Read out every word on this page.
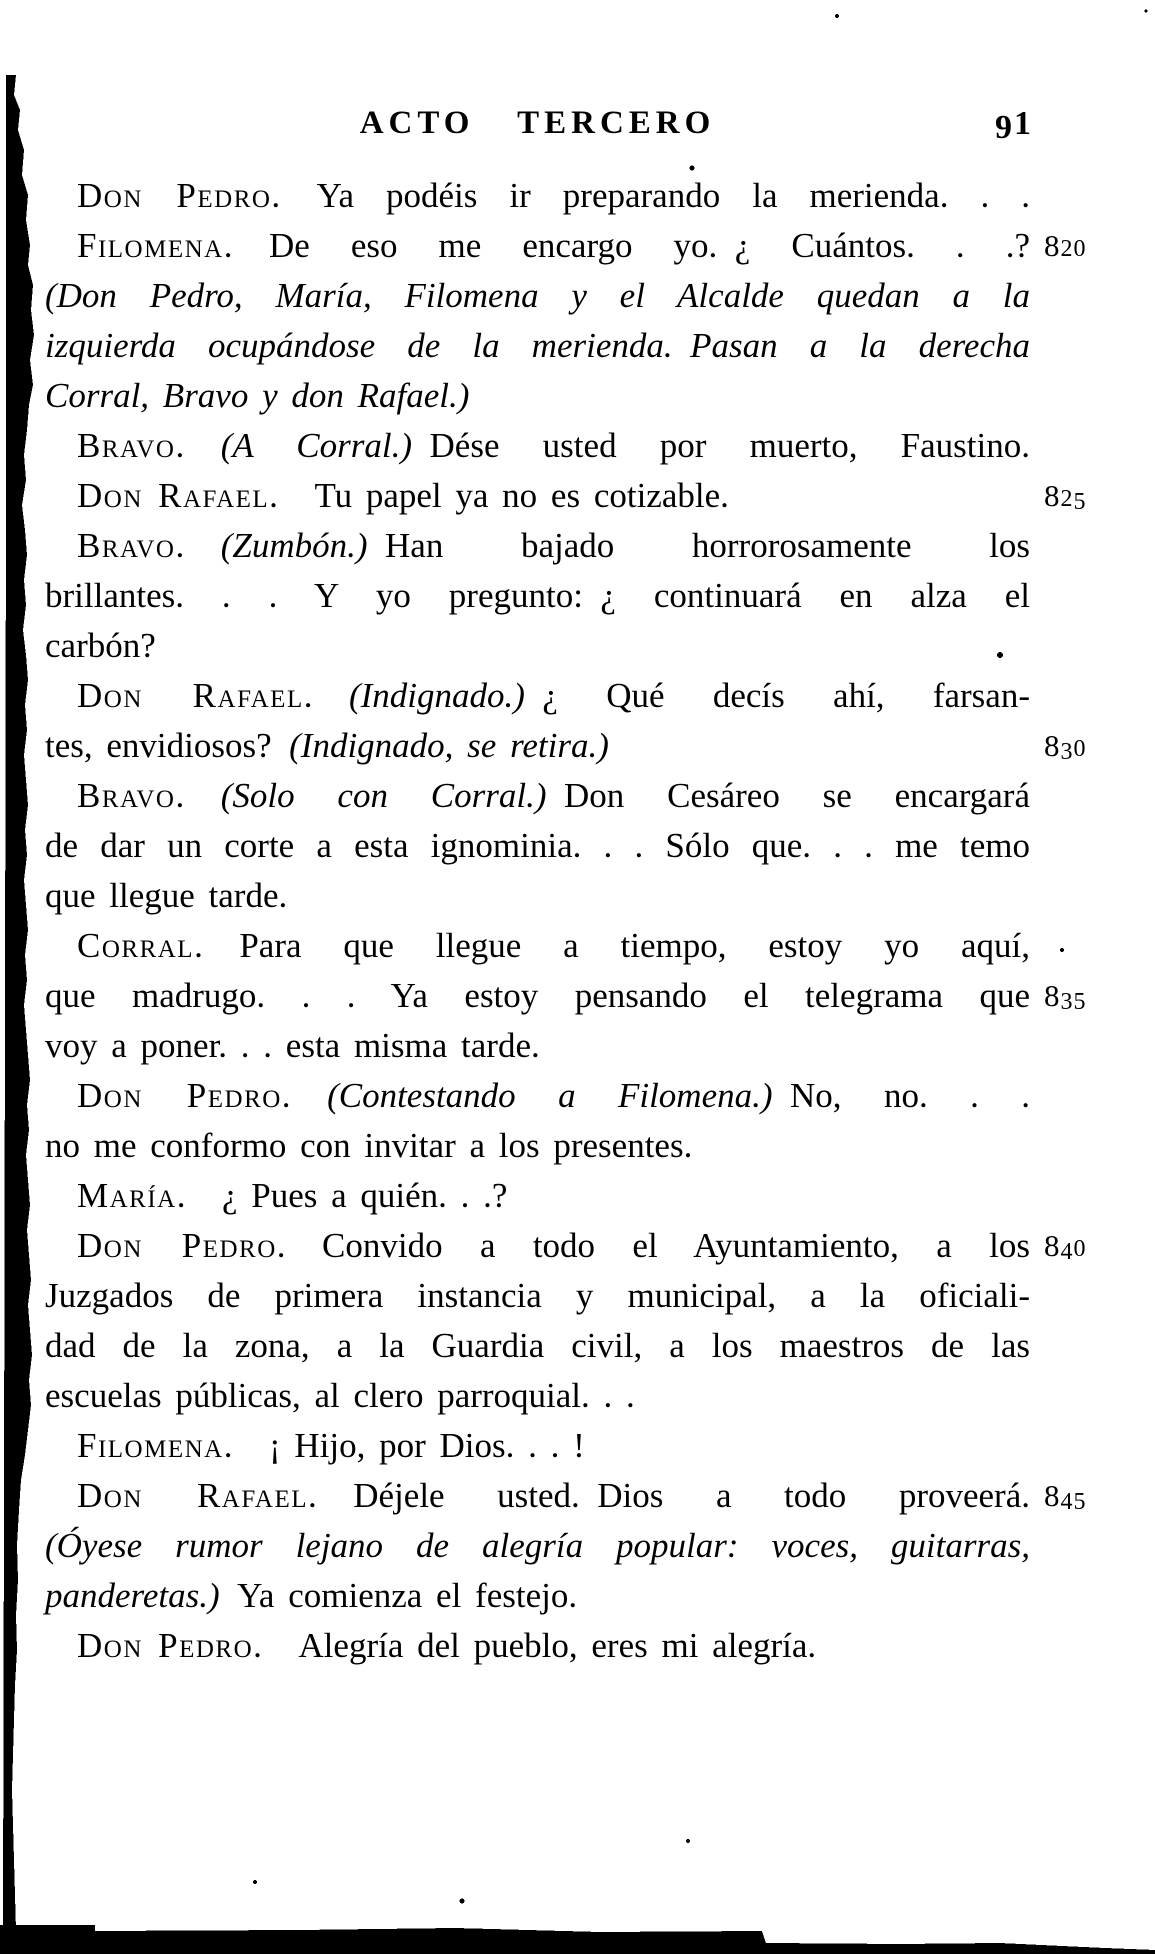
ACTO TERCERO	91
Don Pedro. Ya podéis ir preparando la merienda. . .
Filomena. De eso me encargo yo. ¿ Cuántos. . .? 820
(Don Pedro, María, Filomena y el Alcalde quedan a la
izquierda ocupándose de la merienda. Pasan a la derecha
Corral, Bravo y don Rafael.)
Bravo.  (A Corral.) Dése usted por muerto, Faustino.
Don Rafael. Tu papel ya no es cotizable.	825
Bravo.  (Zumbón.) Han bajado horrorosamente los
brillantes. . . Y yo pregunto: ¿ continuará en alza el
carbón?
Don Rafael.  (Indignado.) ¿ Qué decís ahí, farsan-
tes, envidiosos? (Indignado, se retira.)	830
Bravo.  (Solo con Corral.) Don Cesáreo se encargará
de dar un corte a esta ignominia. . . Sólo que. . . me temo
que llegue tarde.
Corral. Para que llegue a tiempo, estoy yo aquí,
que madrugo. . . Ya estoy pensando el telegrama que 835
voy a poner. . . esta misma tarde.
Don Pedro.  (Contestando a Filomena.) No, no. . .
no me conformo con invitar a los presentes.
María. ¿ Pues a quién. . .?
Don Pedro. Convido a todo el Ayuntamiento, a los 840
Juzgados de primera instancia y municipal, a la oficiali-
dad de la zona, a la Guardia civil, a los maestros de las
escuelas públicas, al clero parroquial. . .
Filomena. ¡ Hijo, por Dios. . . !
Don Rafael. Déjele usted. Dios a todo proveerá. 845
(Óyese rumor lejano de alegría popular: voces, guitarras,
panderetas.) Ya comienza el festejo.
Don Pedro. Alegría del pueblo, eres mi alegría.
